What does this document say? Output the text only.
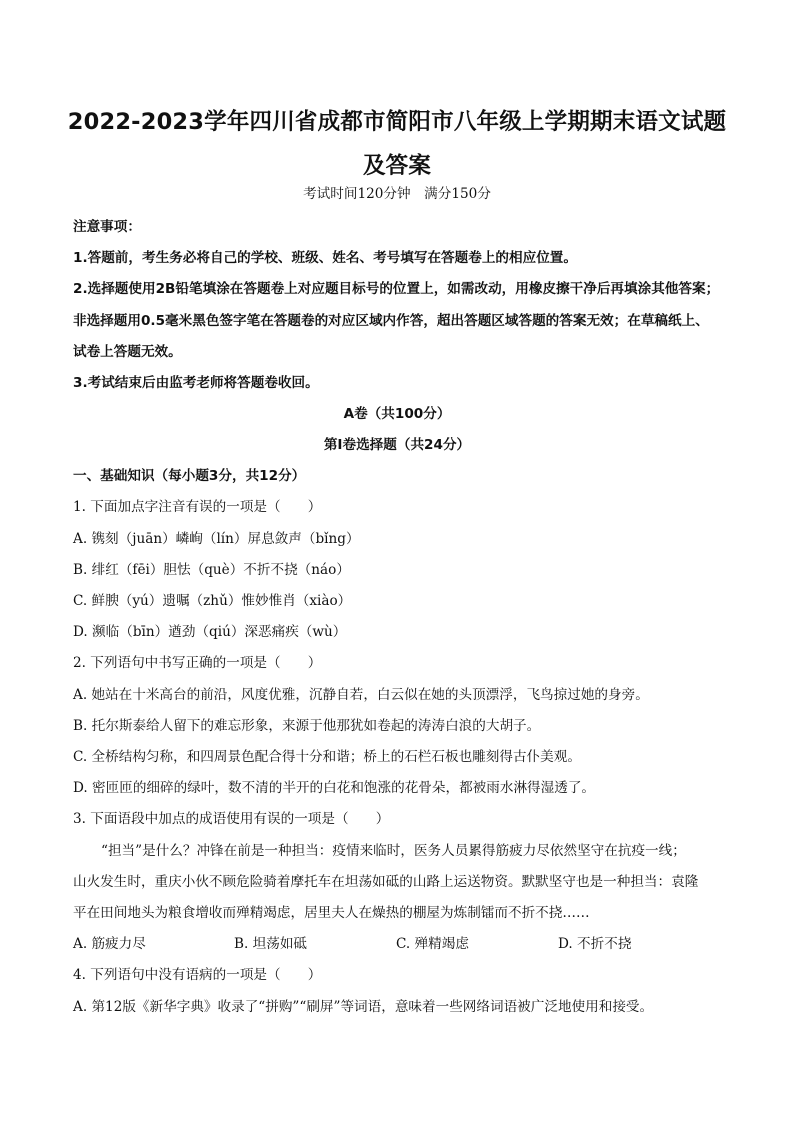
2022-2023学年四川省成都市简阳市八年级上学期期末语文试题及答案
考试时间120分钟　满分150分
注意事项：
1.答题前，考生务必将自己的学校、班级、姓名、考号填写在答题卷上的相应位置。
2.选择题使用2B铅笔填涂在答题卷上对应题目标号的位置上，如需改动，用橡皮擦干净后再填涂其他答案；
非选择题用0.5毫米黑色签字笔在答题卷的对应区域内作答，超出答题区域答题的答案无效；在草稿纸上、
试卷上答题无效。
3.考试结束后由监考老师将答题卷收回。
A卷（共100分）
第Ⅰ卷选择题（共24分）
一、基础知识（每小题3分，共12分）
1. 下面加点字注音有误的一项是（　　）
A. 镌刻（juān）嶙峋（lín）屏息敛声（bǐng）
B. 绯红（fēi）胆怯（què）不折不挠（náo）
C. 鲜腴（yú）遗嘱（zhǔ）惟妙惟肖（xiào）
D. 濒临（bīn）遒劲（qiú）深恶痛疾（wù）
2. 下列语句中书写正确的一项是（　　）
A. 她站在十米高台的前沿，风度优雅，沉静自若，白云似在她的头顶漂浮，飞鸟掠过她的身旁。
B. 托尔斯泰给人留下的难忘形象，来源于他那犹如卷起的涛涛白浪的大胡子。
C. 全桥结构匀称，和四周景色配合得十分和谐；桥上的石栏石板也雕刻得古仆美观。
D. 密匝匝的细碎的绿叶，数不清的半开的白花和饱涨的花骨朵，都被雨水淋得湿透了。
3. 下面语段中加点的成语使用有误的一项是（　　）
“担当”是什么？冲锋在前是一种担当：疫情来临时，医务人员累得筋疲力尽依然坚守在抗疫一线；
山火发生时，重庆小伙不顾危险骑着摩托车在坦荡如砥的山路上运送物资。默默坚守也是一种担当：袁隆
平在田间地头为粮食增收而殚精竭虑，居里夫人在燥热的棚屋为炼制镭而不折不挠……
A. 筋疲力尽	B. 坦荡如砥	C. 殚精竭虑	D. 不折不挠
4. 下列语句中没有语病的一项是（　　）
A. 第12版《新华字典》收录了“拼购”“刷屏”等词语，意味着一些网络词语被广泛地使用和接受。
